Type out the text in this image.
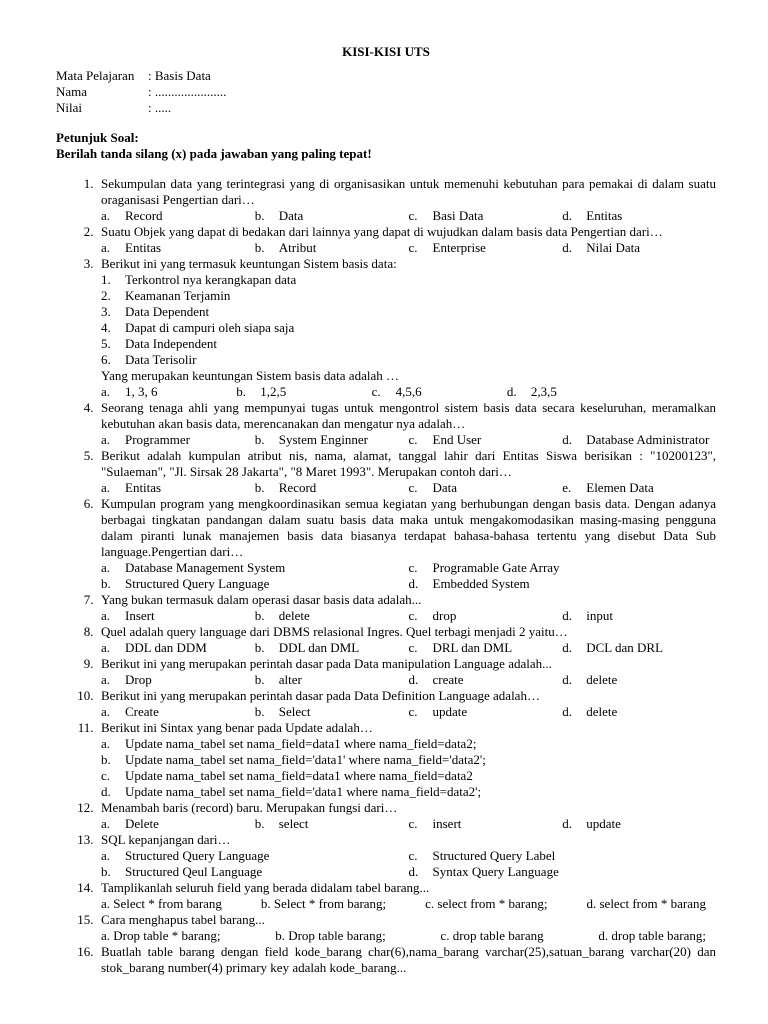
KISI-KISI UTS
Mata Pelajaran	: Basis Data
Nama	: ......................
Nilai	: .....
Petunjuk Soal:
Berilah tanda silang (x) pada jawaban yang paling tepat!
1. Sekumpulan data yang terintegrasi yang di organisasikan untuk memenuhi kebutuhan para pemakai di dalam suatu oraganisasi Pengertian dari…
a.	Record	b.	Data	c.	Basi Data	d.	Entitas
2. Suatu Objek yang dapat di bedakan dari lainnya yang dapat di wujudkan dalam basis data Pengertian dari…
a.	Entitas	b.	Atribut	c.	Enterprise	d.	Nilai Data
3. Berikut ini yang termasuk keuntungan Sistem basis data:
1.	Terkontrol nya kerangkapan data
2.	Keamanan Terjamin
3.	Data Dependent
4.	Dapat di campuri oleh siapa saja
5.	Data Independent
6.	Data Terisolir
Yang merupakan keuntungan Sistem basis data adalah …
a.	1, 3, 6	b.	1,2,5	c.	4,5,6	d.	2,3,5
4. Seorang tenaga ahli yang mempunyai tugas untuk mengontrol sistem basis data secara keseluruhan, meramalkan kebutuhan akan basis data, merencanakan dan mengatur nya adalah…
a.	Programmer	b.	System Enginner	c.	End User	d.	Database Administrator
5. Berikut adalah kumpulan atribut nis, nama, alamat, tanggal lahir dari Entitas Siswa berisikan : "10200123", "Sulaeman", "Jl. Sirsak 28 Jakarta", "8 Maret 1993". Merupakan contoh dari…
a.	Entitas	b.	Record	c.	Data	e.	Elemen Data
6. Kumpulan program yang mengkoordinasikan semua kegiatan yang berhubungan dengan basis data. Dengan adanya berbagai tingkatan pandangan dalam suatu basis data maka untuk mengakomodasikan masing-masing pengguna dalam piranti lunak manajemen basis data biasanya terdapat bahasa-bahasa tertentu yang disebut Data Sub language.Pengertian dari…
a.	Database Management System	c.	Programable Gate Array
b.	Structured Query Language	d.	Embedded System
7. Yang bukan termasuk dalam operasi dasar basis data adalah...
a.	Insert	b.	delete	c.	drop	d.	input
8. Quel adalah query language dari DBMS relasional Ingres. Quel terbagi menjadi 2 yaitu…
a.	DDL dan DDM	b.	DDL dan DML	c.	DRL dan DML	d.	DCL dan DRL
9. Berikut ini yang merupakan perintah dasar pada Data manipulation Language adalah...
a.	Drop	b.	alter	d.	create	d.	delete
10. Berikut ini yang merupakan perintah dasar pada Data Definition Language adalah…
a.	Create	b.	Select	c.	update	d.	delete
11. Berikut ini Sintax yang benar pada Update adalah…
a.	Update nama_tabel set nama_field=data1 where nama_field=data2;
b.	Update nama_tabel set nama_field='data1' where nama_field='data2';
c.	Update nama_tabel set nama_field=data1 where nama_field=data2
d.	Update nama_tabel set nama_field='data1 where nama_field=data2';
12. Menambah baris (record) baru. Merupakan fungsi dari…
a.	Delete	b.	select	c.	insert	d.	update
13. SQL kepanjangan dari…
a.	Structured Query Language	c.	Structured Query Label
b.	Structured Qeul Language	d.	Syntax Query Language
14. Tamplikanlah seluruh field yang berada didalam tabel barang...
a. Select * from barang	b. Select * from barang;	c. select from * barang;	d. select from * barang
15. Cara menghapus tabel barang...
a. Drop table * barang;	b. Drop table barang;	c. drop table barang	d. drop table barang;
16. Buatlah table barang dengan field kode_barang char(6),nama_barang varchar(25),satuan_barang varchar(20) dan stok_barang number(4) primary key adalah kode_barang...
